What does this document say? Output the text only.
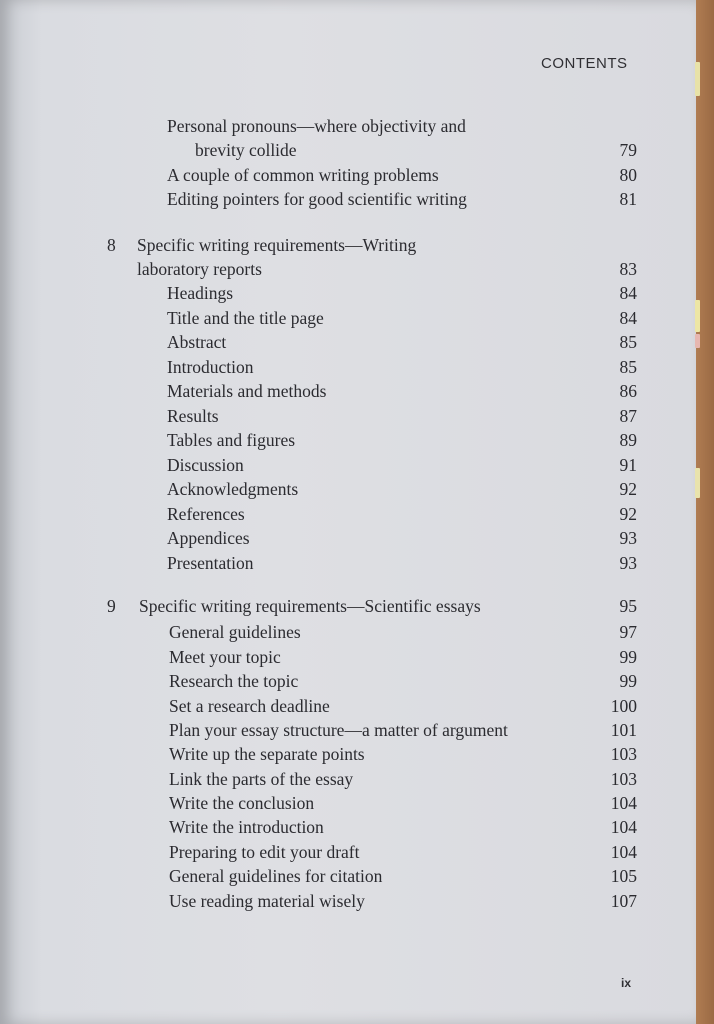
CONTENTS
Personal pronouns—where objectivity and
brevity collide	79
A couple of common writing problems	80
Editing pointers for good scientific writing	81
8 Specific writing requirements—Writing
laboratory reports	83
Headings	84
Title and the title page	84
Abstract	85
Introduction	85
Materials and methods	86
Results	87
Tables and figures	89
Discussion	91
Acknowledgments	92
References	92
Appendices	93
Presentation	93
9 Specific writing requirements—Scientific essays	95
General guidelines	97
Meet your topic	99
Research the topic	99
Set a research deadline	100
Plan your essay structure—a matter of argument	101
Write up the separate points	103
Link the parts of the essay	103
Write the conclusion	104
Write the introduction	104
Preparing to edit your draft	104
General guidelines for citation	105
Use reading material wisely	107
ix
